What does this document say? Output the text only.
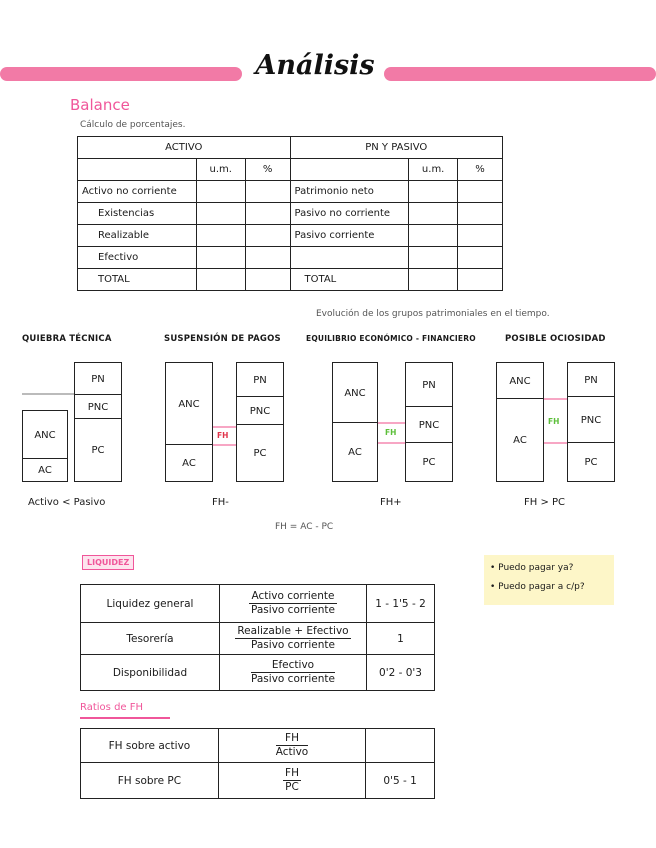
Análisis
Balance
Cálculo de porcentajes.
ACTIVO			PN Y PASIVO		
	u.m.	%		u.m.	%
Activo no corriente			Patrimonio neto		
Existencias			Pasivo no corriente		
Realizable			Pasivo corriente		
Efectivo					
TOTAL			TOTAL		
Evolución de los grupos patrimoniales en el tiempo.
QUIEBRA TÉCNICA	SUSPENSIÓN DE PAGOS	EQUILIBRIO ECONÓMICO - FINANCIERO	POSIBLE OCIOSIDAD
ANC
AC
PN
PNC
PC
Activo < Pasivo
ANC
AC
PN
PNC
PC
FH
FH-
ANC
AC
PN
PNC
PC
FH
FH+
ANC
AC
PN
PNC
PC
FH
FH > PC
FH = AC - PC
LIQUIDEZ
• Puedo pagar ya?
• Puedo pagar a c/p?
Liquidez general	$\frac{\text{Activo corriente}}{\text{Pasivo corriente}}$	1 - 1'5 - 2
Tesorería	$\frac{\text{Realizable + Efectivo}}{\text{Pasivo corriente}}$	1
Disponibilidad	$\frac{\text{Efectivo}}{\text{Pasivo corriente}}$	0'2 - 0'3
Ratios de FH
FH sobre activo	$\frac{FH}{\text{Activo}}$

FH sobre PC	$\frac{FH}{PC}$	0'5 - 1
